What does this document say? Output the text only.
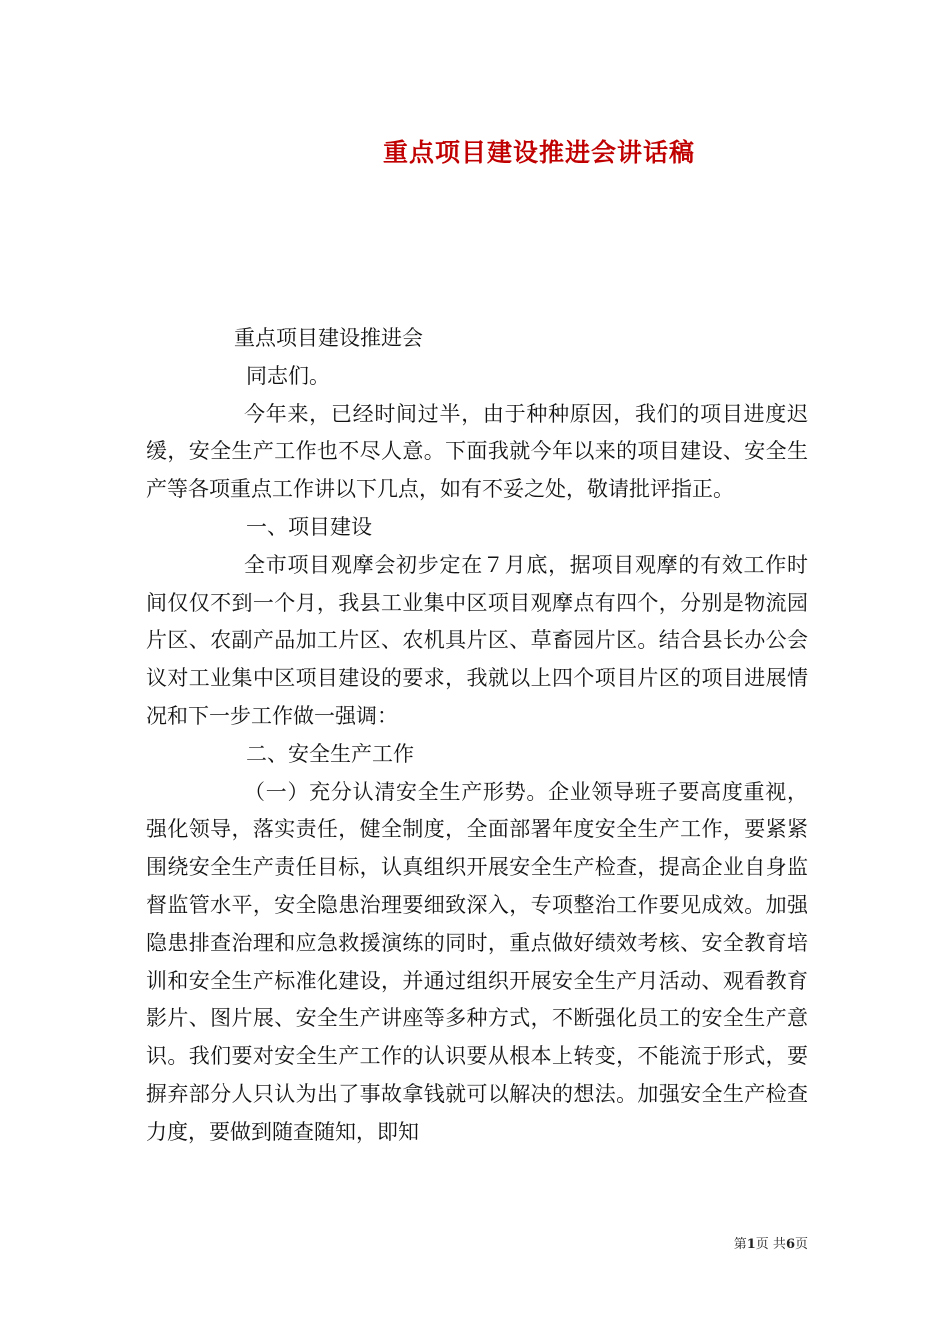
重点项目建设推进会讲话稿

重点项目建设推进会

同志们。

今年来，已经时间过半，由于种种原因，我们的项目进度迟缓，安全生产工作也不尽人意。下面我就今年以来的项目建设、安全生产等各项重点工作讲以下几点，如有不妥之处，敬请批评指正。

一、项目建设

全市项目观摩会初步定在７月底，据项目观摩的有效工作时间仅仅不到一个月，我县工业集中区项目观摩点有四个，分别是物流园片区、农副产品加工片区、农机具片区、草畜园片区。结合县长办公会议对工业集中区项目建设的要求，我就以上四个项目片区的项目进展情况和下一步工作做一强调：

二、安全生产工作

（一）充分认清安全生产形势。企业领导班子要高度重视，强化领导，落实责任，健全制度，全面部署年度安全生产工作，要紧紧围绕安全生产责任目标，认真组织开展安全生产检查，提高企业自身监督监管水平，安全隐患治理要细致深入，专项整治工作要见成效。加强隐患排查治理和应急救援演练的同时，重点做好绩效考核、安全教育培训和安全生产标准化建设，并通过组织开展安全生产月活动、观看教育影片、图片展、安全生产讲座等多种方式，不断强化员工的安全生产意识。我们要对安全生产工作的认识要从根本上转变，不能流于形式，要摒弃部分人只认为出了事故拿钱就可以解决的想法。加强安全生产检查力度，要做到随查随知，即知

第1页 共6页
